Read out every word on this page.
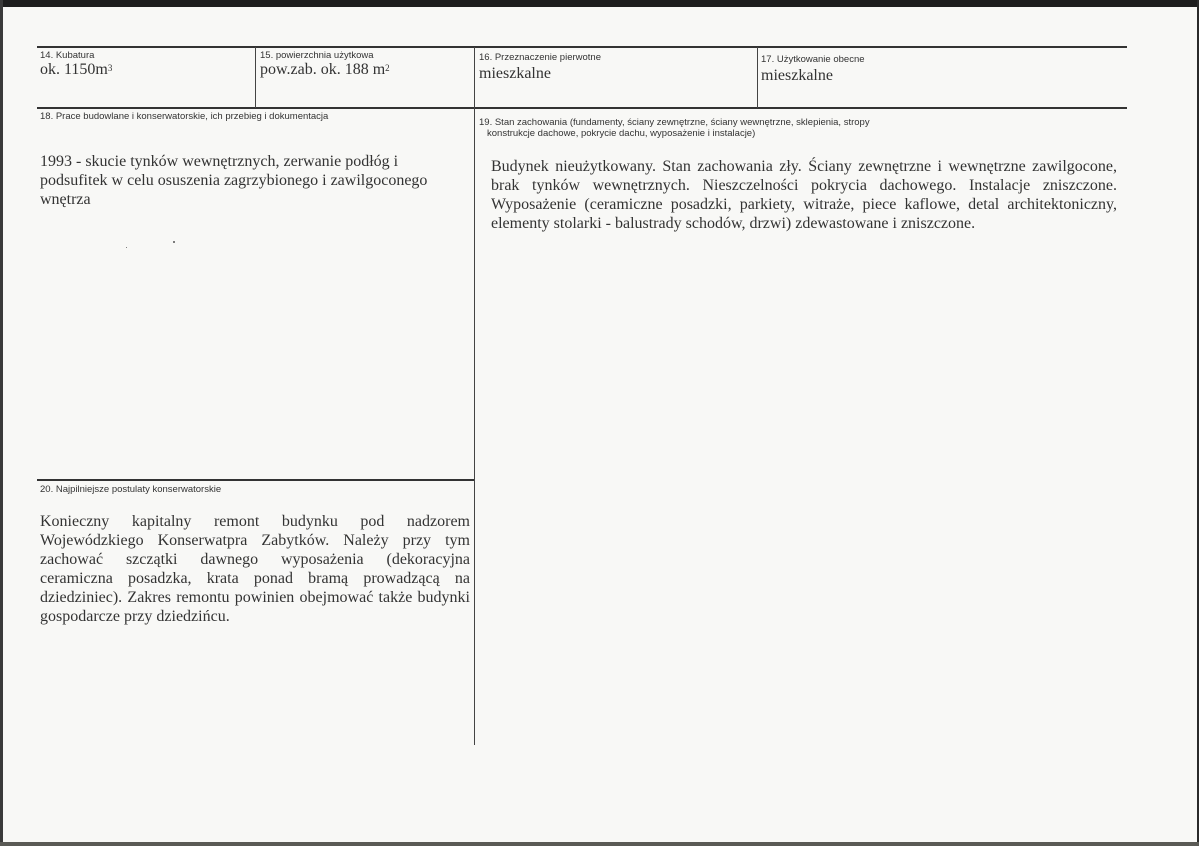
14. Kubatura
ok. $1150m^3$
15. powierzchnia użytkowa
pow.zab. ok. 188 $m^2$
16. Przeznaczenie pierwotne
mieszkalne
17. Użytkowanie obecne
mieszkalne
18. Prace budowlane i konserwatorskie, ich przebieg i dokumentacja
1993 - skucie tynków wewnętrznych, zerwanie podłóg i podsufitek w celu osuszenia zagrzybionego i zawilgoconego wnętrza
19. Stan zachowania (fundamenty, ściany zewnętrzne, ściany wewnętrzne, sklepienia, stropy
konstrukcje dachowe, pokrycie dachu, wyposażenie i instalacje)
Budynek nieużytkowany. Stan zachowania zły. Ściany zewnętrzne i wewnętrzne zawilgocone, brak tynków wewnętrznych. Nieszczelności pokrycia dachowego. Instalacje zniszczone. Wyposażenie (ceramiczne posadzki, parkiety, witraże, piece kaflowe, detal architektoniczny, elementy stolarki - balustrady schodów, drzwi) zdewastowane i zniszczone.
20. Najpilniejsze postulaty konserwatorskie
Konieczny kapitalny remont budynku pod nadzorem Wojewódzkiego Konserwatpra Zabytków. Należy przy tym zachować szczątki dawnego wyposażenia (dekoracyjna ceramiczna posadzka, krata ponad bramą prowadzącą na dziedziniec). Zakres remontu powinien obejmować także budynki gospodarcze przy dziedzińcu.
